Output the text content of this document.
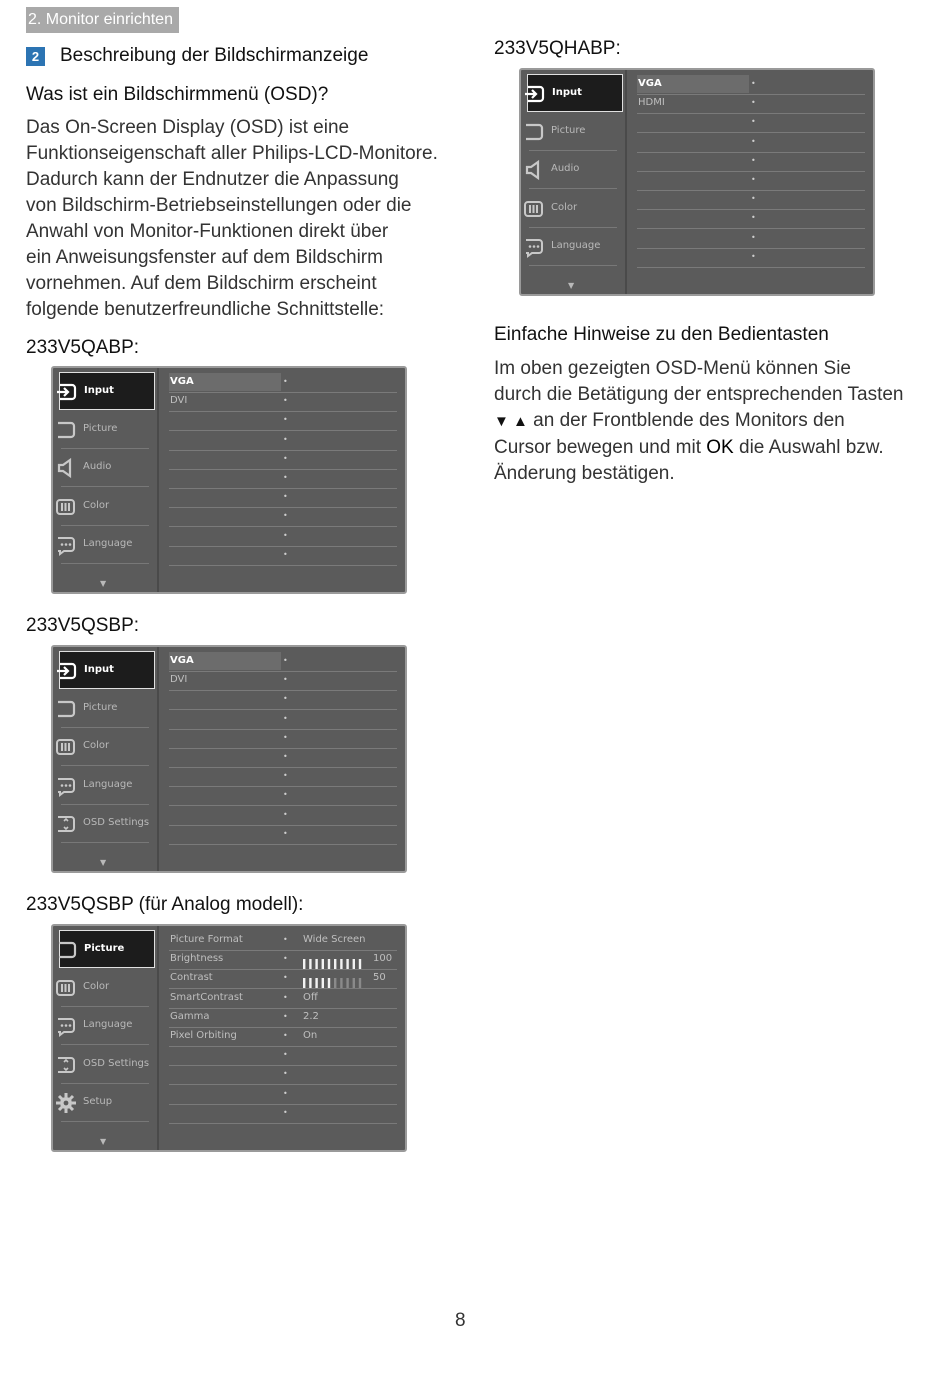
2. Monitor einrichten
2	Beschreibung der Bildschirmanzeige
Was ist ein Bildschirmmenü (OSD)?

Das On-Screen Display (OSD) ist eine

Funktionseigenschaft aller Philips-LCD-Monitore.

Dadurch kann der Endnutzer die Anpassung

von Bildschirm-Betriebseinstellungen oder die

Anwahl von Monitor-Funktionen direkt über

ein Anweisungsfenster auf dem Bildschirm

vornehmen. Auf dem Bildschirm erscheint

folgende benutzerfreundliche Schnittstelle:

Einfache Hinweise zu den Bedientasten

Im oben gezeigten OSD-Menü können Sie

durch die Betätigung der entsprechenden Tasten

▼ ▲ an der Frontblende des Monitors den

Cursor bewegen und mit OK die Auswahl bzw.

Änderung bestätigen.

233V5QABP:
233V5QHABP:
233V5QSBP:
233V5QSBP (für Analog modell):
Input
Picture
Audio
Color
Language
▼
VGA	•
DVI	•
•
•
•
•
•
•
•
•
Input
Picture
Audio
Color
Language
▼
VGA	•
HDMI	•
•
•
•
•
•
•
•
•
Input
Picture
Color
Language
OSD Settings
▼
VGA	•
DVI	•
•
•
•
•
•
•
•
•
Picture
Color
Language
OSD Settings
Setup
▼
Picture Format	• Wide Screen
Brightness	•	100
Contrast	•	50
SmartContrast	• Off
Gamma	• 2.2
Pixel Orbiting	• On
•
•
•
•
8
